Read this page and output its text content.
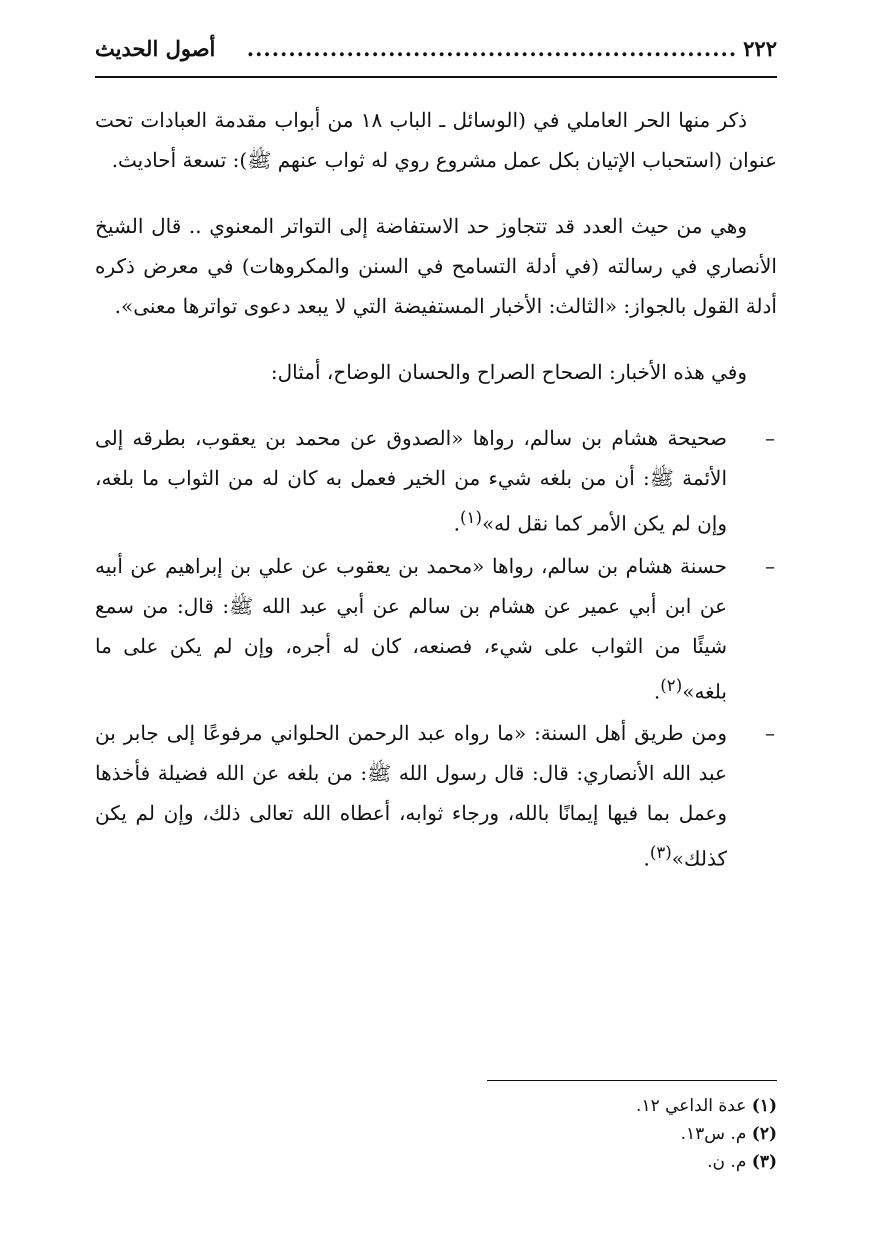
٢٢٢
...........................................................
أصول الحديث

ذكر منها الحر العاملي في (الوسائل ـ الباب ١٨ من أبواب مقدمة العبادات تحت عنوان (استحباب الإتيان بكل عمل مشروع روي له ثواب عنهم ﷺ): تسعة أحاديث.

وهي من حيث العدد قد تتجاوز حد الاستفاضة إلى التواتر المعنوي .. قال الشيخ الأنصاري في رسالته (في أدلة التسامح في السنن والمكروهات) في معرض ذكره أدلة القول بالجواز: «الثالث: الأخبار المستفيضة التي لا يبعد دعوى تواترها معنى».

وفي هذه الأخبار: الصحاح الصراح والحسان الوضاح، أمثال:

–
صحيحة هشام بن سالم، رواها «الصدوق عن محمد بن يعقوب، بطرقه إلى الأئمة ﷺ: أن من بلغه شيء من الخير فعمل به كان له من الثواب ما بلغه، وإن لم يكن الأمر كما نقل له»$^{(١)}$.
–
حسنة هشام بن سالم، رواها «محمد بن يعقوب عن علي بن إبراهيم عن أبيه عن ابن أبي عمير عن هشام بن سالم عن أبي عبد الله ﷺ: قال: من سمع شيئًا من الثواب على شيء، فصنعه، كان له أجره، وإن لم يكن على ما بلغه»$^{(٢)}$.
–
ومن طريق أهل السنة: «ما رواه عبد الرحمن الحلواني مرفوعًا إلى جابر بن عبد الله الأنصاري: قال: قال رسول الله ﷺ: من بلغه عن الله فضيلة فأخذها وعمل بما فيها إيمانًا بالله، ورجاء ثوابه، أعطاه الله تعالى ذلك، وإن لم يكن كذلك»$^{(٣)}$.
(١) عدة الداعي ١٢.
(٢) م. س١٣.
(٣) م. ن.
